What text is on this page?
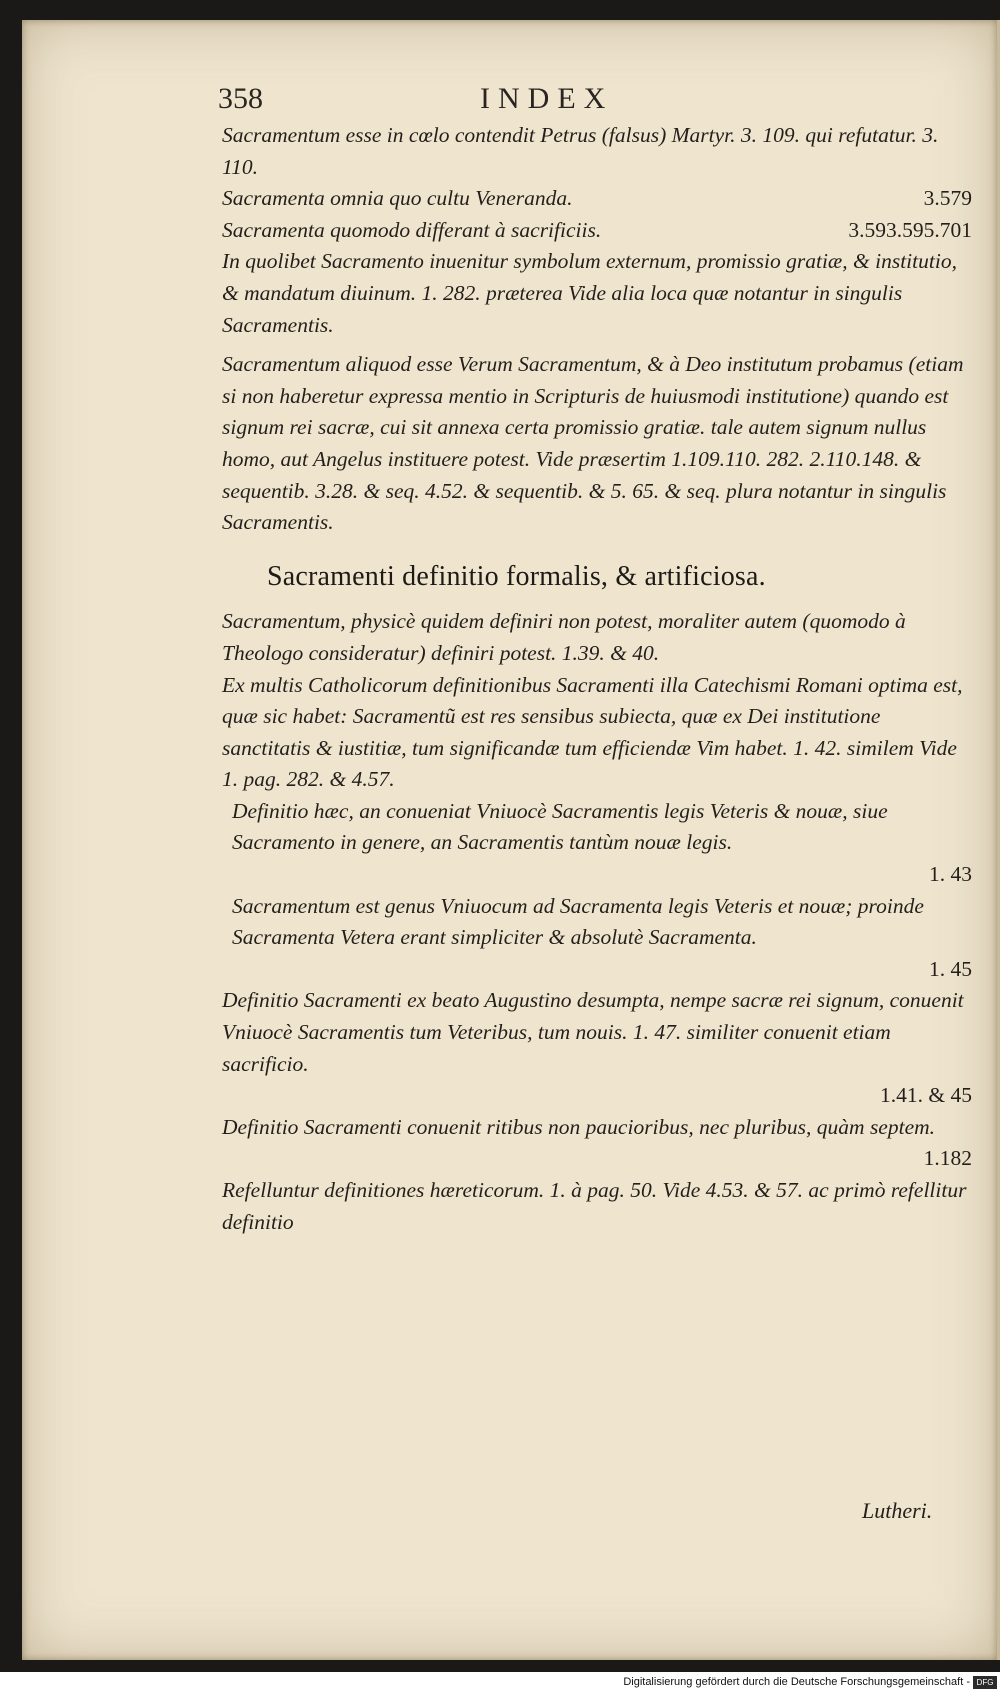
358	INDEX

Sacramentum esse in cœlo contendit Petrus (falsus) Martyr. 3. 109. qui refutatur. 3. 110.

Sacramenta omnia quo cultu Veneranda.	3.579

Sacramenta quomodo differant à sacrificiis.	3.593.595.701

In quolibet Sacramento inuenitur symbolum externum, promissio gratiæ, & institutio, & mandatum diuinum. 1. 282. præterea Vide alia loca quæ notantur in singulis Sacramentis.

Sacramentum aliquod esse Verum Sacramentum, & à Deo institutum probamus (etiam si non haberetur expressa mentio in Scripturis de huiusmodi institutione) quando est signum rei sacræ, cui sit annexa certa promissio gratiæ. tale autem signum nullus homo, aut Angelus instituere potest. Vide præsertim 1.109.110. 282. 2.110.148. & sequentib. 3.28. & seq. 4.52. & sequentib. & 5. 65. & seq. plura notantur in singulis Sacramentis.

Sacramenti definitio formalis, & artificiosa.

Sacramentum, physicè quidem definiri non potest, moraliter autem (quomodo à Theologo consideratur) definiri potest. 1.39. & 40.

Ex multis Catholicorum definitionibus Sacramenti illa Catechismi Romani optima est, quæ sic habet: Sacramentũ est res sensibus subiecta, quæ ex Dei institutione sanctitatis & iustitiæ, tum significandæ tum efficiendæ Vim habet. 1. 42. similem Vide 1. pag. 282. & 4.57.

Definitio hæc, an conueniat Vniuocè Sacramentis legis Veteris & nouæ, siue Sacramento in genere, an Sacramentis tantùm nouæ legis.

1. 43

Sacramentum est genus Vniuocum ad Sacramenta legis Veteris et nouæ; proinde Sacramenta Vetera erant simpliciter & absolutè Sacramenta.

1. 45

Definitio Sacramenti ex beato Augustino desumpta, nempe sacræ rei signum, conuenit Vniuocè Sacramentis tum Veteribus, tum nouis. 1. 47. similiter conuenit etiam sacrificio.

1.41. & 45

Definitio Sacramenti conuenit ritibus non paucioribus, nec pluribus, quàm septem.

1.182

Refelluntur definitiones hæreticorum. 1. à pag. 50. Vide 4.53. & 57. ac primò refellitur definitio

Lutheri.
Digitalisierung gefördert durch die Deutsche Forschungsgemeinschaft - DFG
